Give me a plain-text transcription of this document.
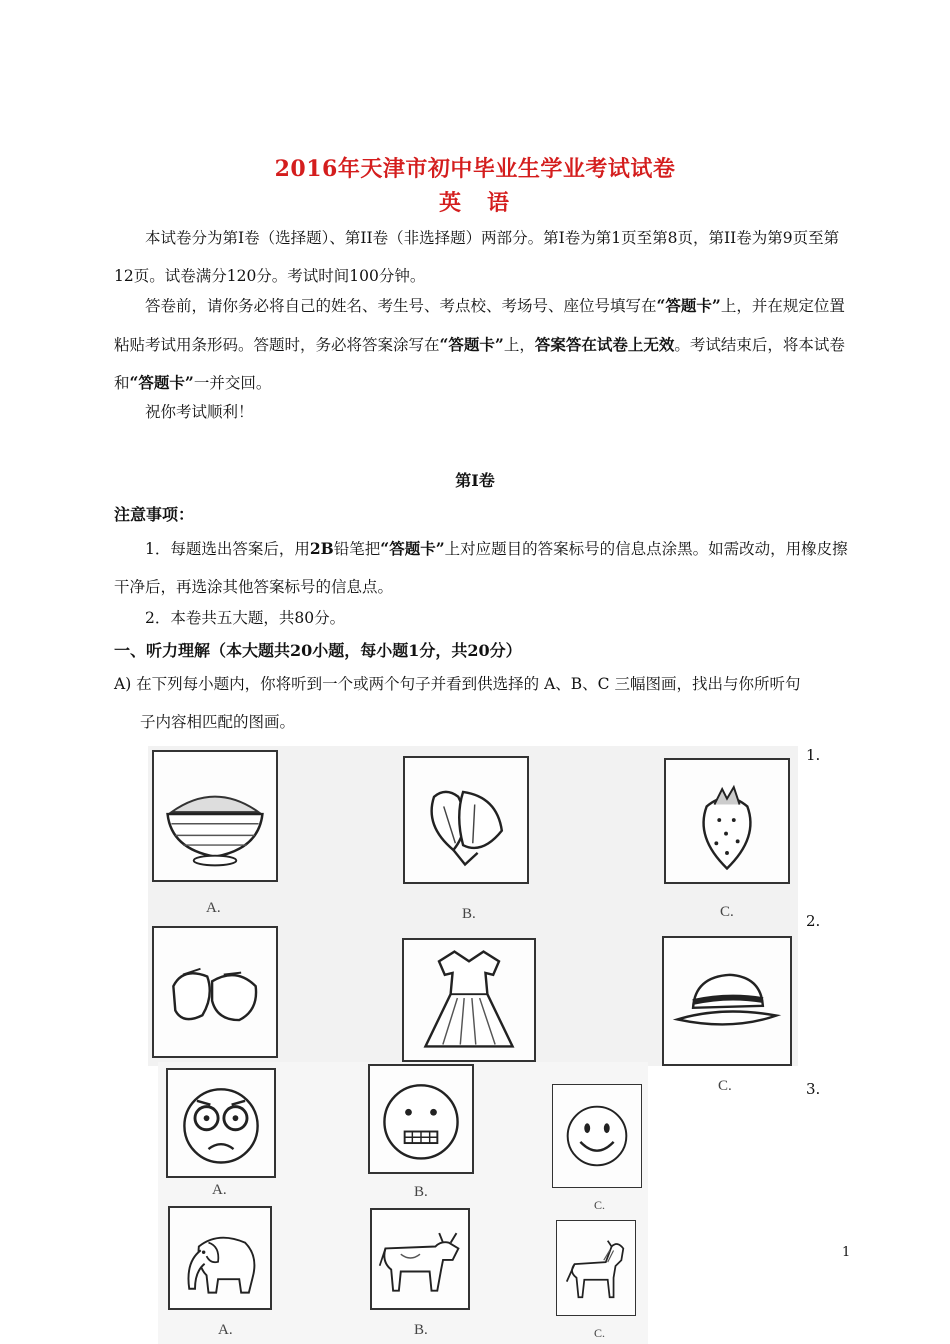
2016年天津市初中毕业生学业考试试卷
英　语
本试卷分为第Ⅰ卷（选择题）、第II卷（非选择题）两部分。第Ⅰ卷为第1页至第8页，第II卷为第9页至第12页。试卷满分120分。考试时间100分钟。
答卷前，请你务必将自己的姓名、考生号、考点校、考场号、座位号填写在“答题卡”上，并在规定位置粘贴考试用条形码。答题时，务必将答案涂写在“答题卡”上，答案答在试卷上无效。考试结束后，将本试卷和“答题卡”一并交回。
祝你考试顺利！
第Ⅰ卷
注意事项：
1．每题选出答案后，用2B铅笔把“答题卡”上对应题目的答案标号的信息点涂黑。如需改动，用橡皮擦干净后，再选涂其他答案标号的信息点。
2．本卷共五大题，共80分。
一、听力理解（本大题共20小题，每小题1分，共20分）
A) 在下列每小题内，你将听到一个或两个句子并看到供选择的 A、B、C 三幅图画，找出与你所听句
子内容相匹配的图画。
1.
2.
3.
1
A.	B.	C.
C.
A.	B.
C.
A.	B.	C.
